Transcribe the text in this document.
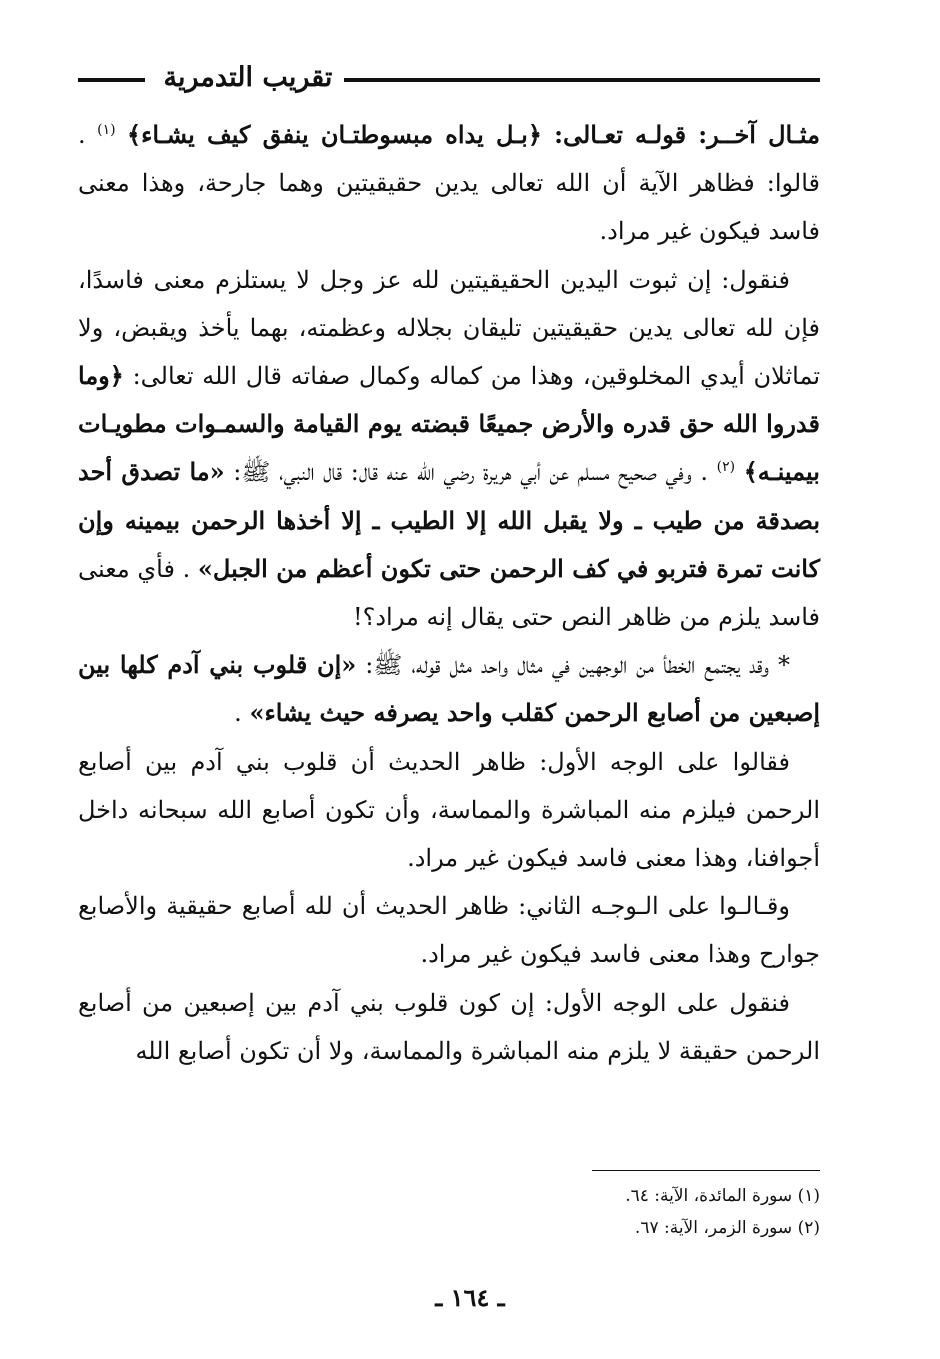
تقريب التدمرية

مثـال آخــر: قولـه تعـالى: ﴿بـل يداه مبسوطتـان ينفق كيف يشـاء﴾ $^{(١)}$ . قالوا: فظاهر الآية أن الله تعالى يدين حقيقيتين وهما جارحة، وهذا معنى فاسد فيكون غير مراد.

فنقول: إن ثبوت اليدين الحقيقيتين لله عز وجل لا يستلزم معنى فاسدًا، فإن لله تعالى يدين حقيقيتين تليقان بجلاله وعظمته، بهما يأخذ ويقبض، ولا تماثلان أيدي المخلوقين، وهذا من كماله وكمال صفاته قال الله تعالى: ﴿وما قدروا الله حق قدره والأرض جميعًا قبضته يوم القيامة والسمـوات مطويـات بيمينـه﴾ $^{(٢)}$ . وفي صحيح مسلم عن أبي هريرة رضي الله عنه قال: قال النبي، ﷺ: «ما تصدق أحد بصدقة من طيب ـ ولا يقبل الله إلا الطيب ـ إلا أخذها الرحمن بيمينه وإن كانت تمرة فتربو في كف الرحمن حتى تكون أعظم من الجبل» . فأي معنى فاسد يلزم من ظاهر النص حتى يقال إنه مراد؟!

* وقد يجتمع الخطأ من الوجهين في مثال واحد مثل قوله، ﷺ: «إن قلوب بني آدم كلها بين إصبعين من أصابع الرحمن كقلب واحد يصرفه حيث يشاء» .

فقالوا على الوجه الأول: ظاهر الحديث أن قلوب بني آدم بين أصابع الرحمن فيلزم منه المباشرة والمماسة، وأن تكون أصابع الله سبحانه داخل أجوافنا، وهذا معنى فاسد فيكون غير مراد.

وقـالـوا على الـوجـه الثاني: ظاهر الحديث أن لله أصابع حقيقية والأصابع جوارح وهذا معنى فاسد فيكون غير مراد.

فنقول على الوجه الأول: إن كون قلوب بني آدم بين إصبعين من أصابع الرحمن حقيقة لا يلزم منه المباشرة والمماسة، ولا أن تكون أصابع الله

(١) سورة المائدة، الآية: ٦٤.
(٢) سورة الزمر، الآية: ٦٧.
ـ ١٦٤ ـ
